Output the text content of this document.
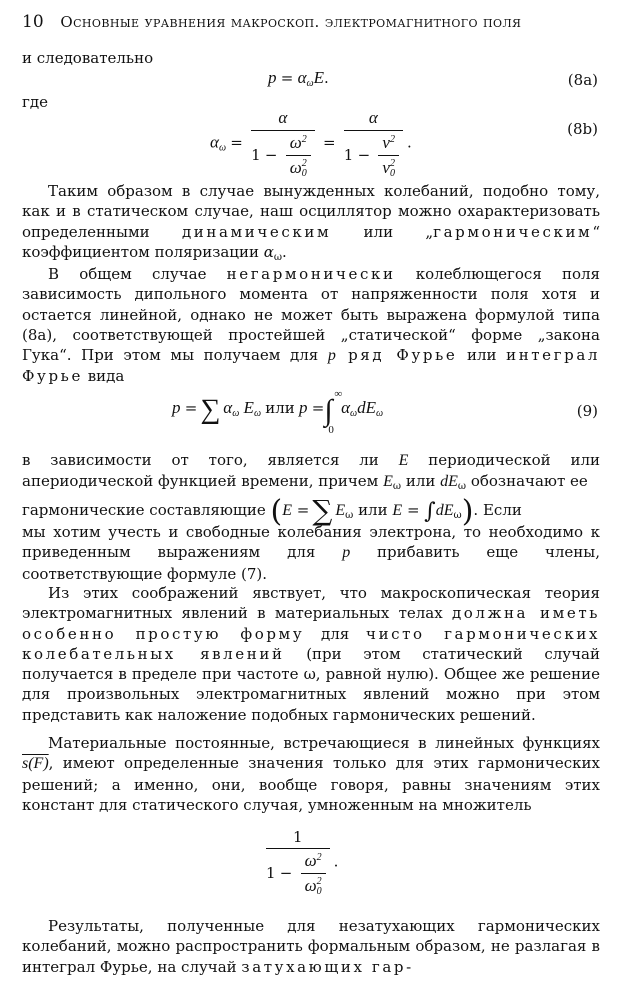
10 Основные уравнения макроскоп. электромагнитного поля
и следовательно
$p = \alpha_\omega E$.	(8a)
где
$\alpha_\omega$ =
α
1 −
$\omega^2$
ω2
0
=
α
1 −
$\nu^2$
ν2
0
.
(8b)
Таким образом в случае вынужденных колебаний, подобно тому, как и в статическом случае, наш осциллятор можно охарактеризовать определенными динамическим или „гармоническим“ коэффициентом поляризации $\alpha_\omega$.
В общем случае негармонически колеблющегося поля зависимость дипольного момента от напряженности поля хотя и остается линейной, однако не может быть выражена формулой типа (8а), соответствующей простейшей „статической“ форме „закона Гука“. При этом мы получаем для p ряд Фурье или интеграл Фурье вида
p = ∑ $\alpha_\omega$ $E_\omega$ или p =∫ ∞
0
$\alpha_\omega dE_\omega$	(9)
в зависимости от того, является ли E периодической или апериодической функцией времени, причем $E_\omega$ или $dE_\omega$ обозначают ее
гармонические составляющие (E = ∑ $E_\omega$ или $E = \int dE_\omega$). Если
мы хотим учесть и свободные колебания электрона, то необходимо к приведенным выражениям для p прибавить еще члены, соответствующие формуле (7).
Из этих соображений явствует, что макроскопическая теория электромагнитных явлений в материальных телах должна иметь особенно простую форму для чисто гармонических колебательных явлений (при этом статический случай получается в пределе при частоте ω, равной нулю). Общее же решение для произвольных электромагнитных явлений можно при этом представить как наложение подобных гармонических решений.
Материальные постоянные, встречающиеся в линейных функциях s(F), имеют определенные значения только для этих гармонических решений; а именно, они, вообще говоря, равны значениям этих констант для статического случая, умноженным на множитель
1
1 −
$\omega^2$
ω2
0
.
Результаты, полученные для незатухающих гармонических колебаний, можно распространить формальным образом, не разлагая в интеграл Фурье, на случай затухающих гар-
